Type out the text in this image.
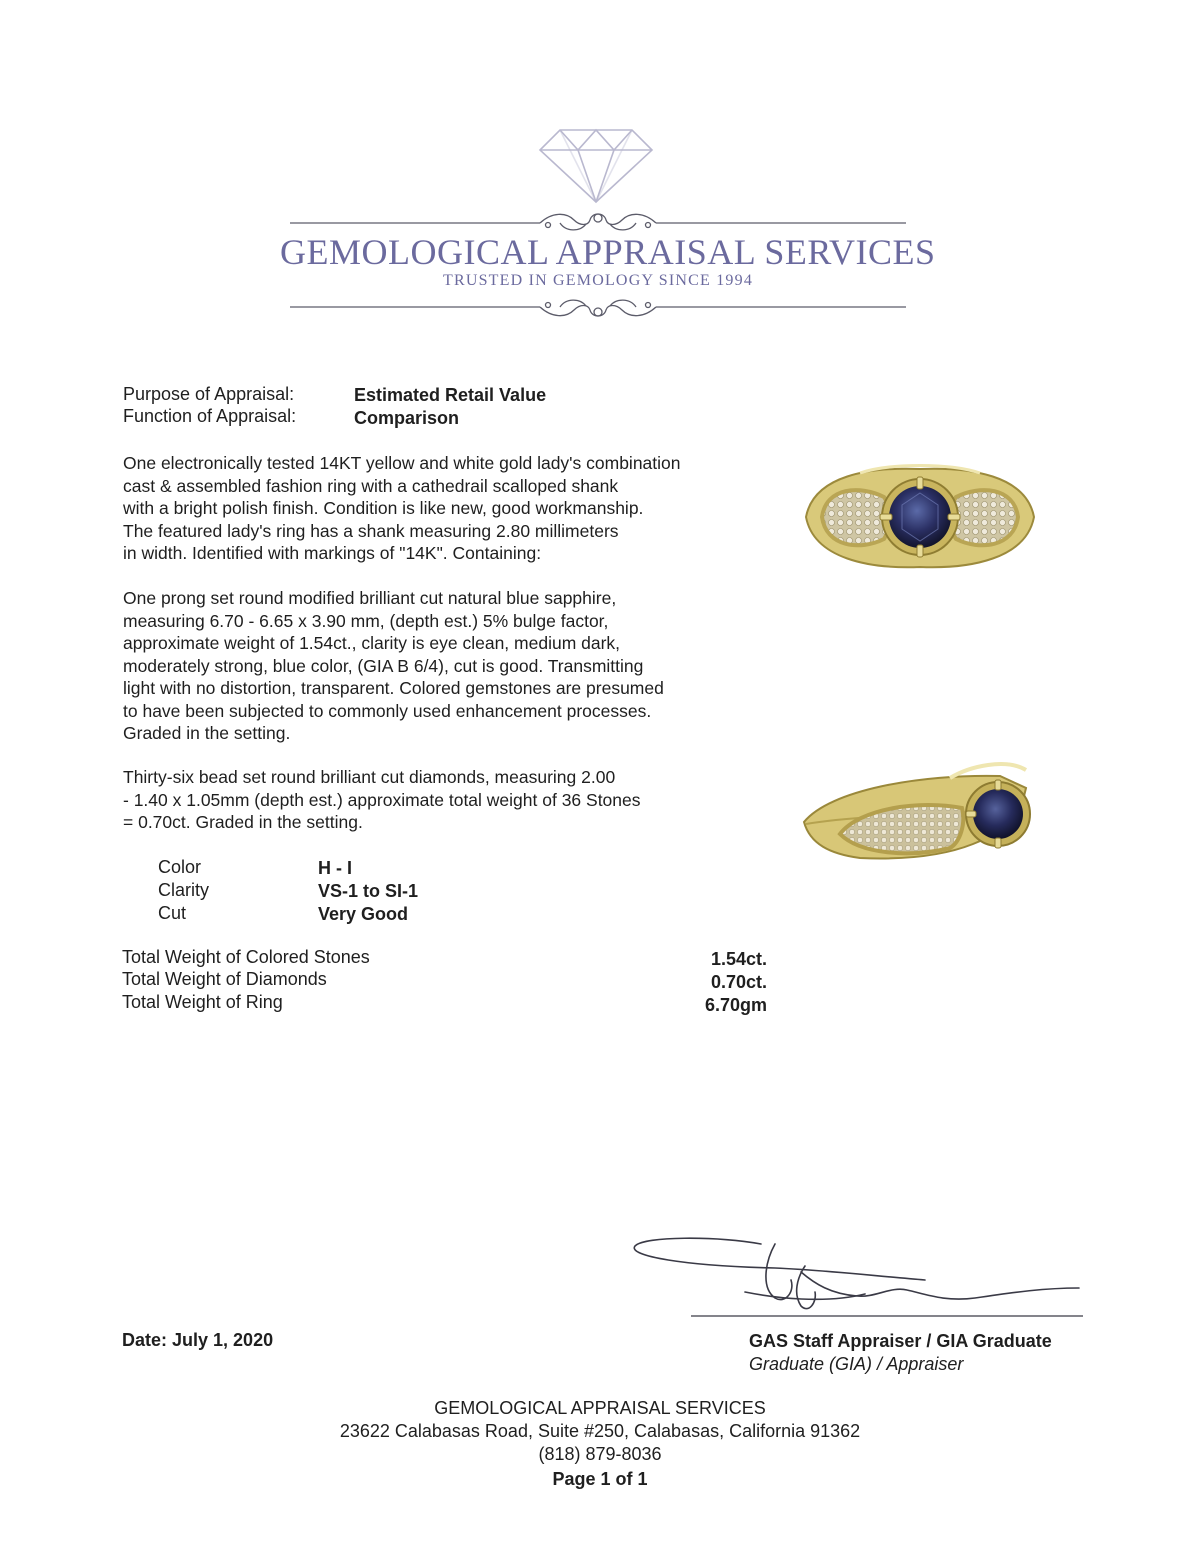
GEMOLOGICAL APPRAISAL SERVICES
TRUSTED IN GEMOLOGY SINCE 1994
Purpose of Appraisal:	Estimated Retail Value
Function of Appraisal:	Comparison
One electronically tested 14KT yellow and white gold lady's combination
cast & assembled fashion ring with a cathedrail scalloped shank
with a bright polish finish. Condition is like new, good workmanship.
The featured lady's ring has a shank measuring 2.80 millimeters
in width. Identified with markings of "14K". Containing:
One prong set round modified brilliant cut natural blue sapphire,
measuring 6.70 - 6.65 x 3.90 mm, (depth est.) 5% bulge factor,
approximate weight of 1.54ct., clarity is eye clean, medium dark,
moderately strong, blue color, (GIA B 6/4), cut is good. Transmitting
light with no distortion, transparent. Colored gemstones are presumed
to have been subjected to commonly used enhancement processes.
Graded in the setting.
Thirty-six bead set round brilliant cut diamonds, measuring 2.00
- 1.40 x 1.05mm (depth est.) approximate total weight of 36 Stones
= 0.70ct. Graded in the setting.
Color	H - I
Clarity	VS-1 to SI-1
Cut	Very Good
Total Weight of Colored Stones	1.54ct.
Total Weight of Diamonds	0.70ct.
Total Weight of Ring	6.70gm
Date: July 1, 2020	GAS Staff Appraiser / GIA Graduate
Graduate (GIA) / Appraiser
GEMOLOGICAL APPRAISAL SERVICES
23622 Calabasas Road, Suite #250, Calabasas, California 91362
(818) 879-8036
Page 1 of 1
